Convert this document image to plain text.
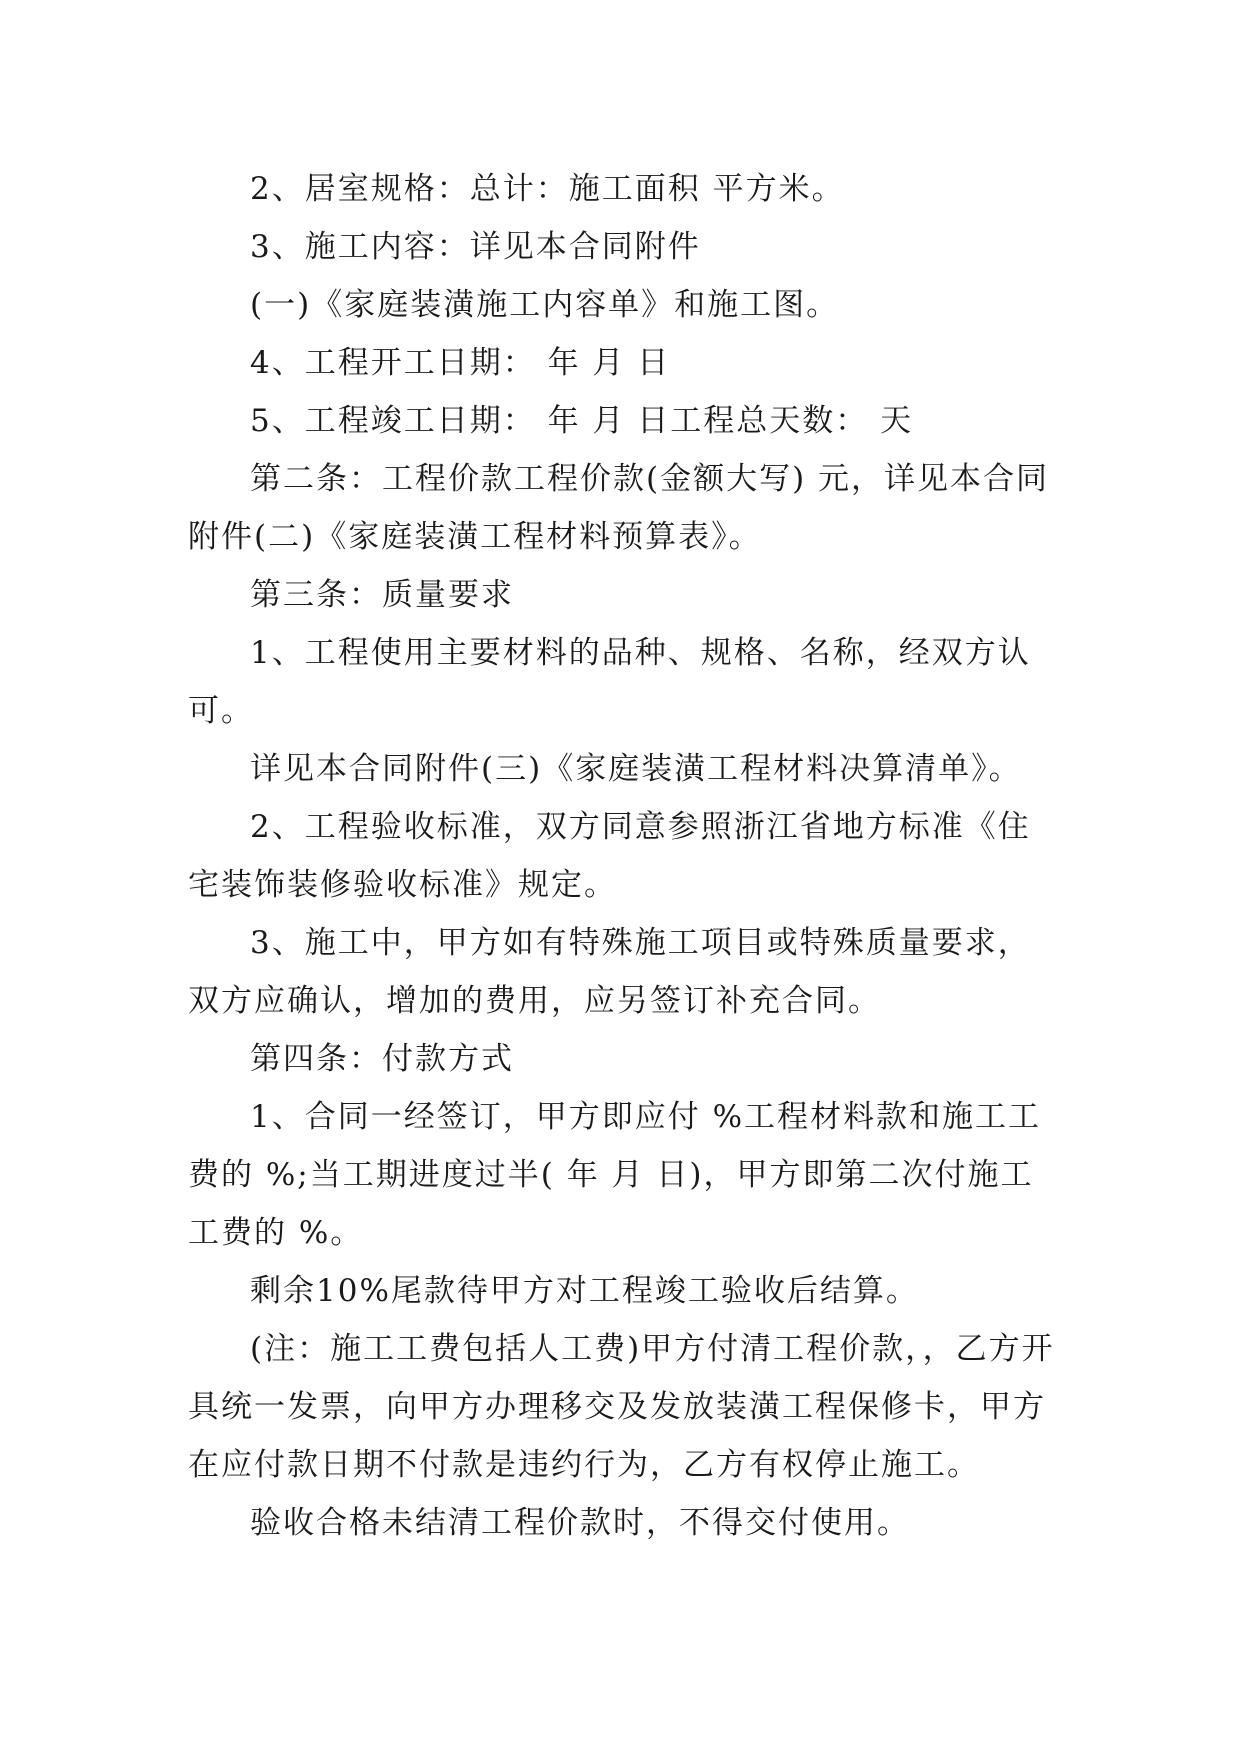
2、居室规格：总计：施工面积 平方米。

3、施工内容：详见本合同附件

(一)《家庭装潢施工内容单》和施工图。

4、工程开工日期： 年 月 日

5、工程竣工日期： 年 月 日工程总天数： 天

第二条：工程价款工程价款(金额大写) 元，详见本合同附件(二)《家庭装潢工程材料预算表》。

第三条：质量要求

1、工程使用主要材料的品种、规格、名称，经双方认可。

详见本合同附件(三)《家庭装潢工程材料决算清单》。

2、工程验收标准，双方同意参照浙江省地方标准《住宅装饰装修验收标准》规定。

3、施工中，甲方如有特殊施工项目或特殊质量要求，双方应确认，增加的费用，应另签订补充合同。

第四条：付款方式

1、合同一经签订，甲方即应付 %工程材料款和施工工费的 %;当工期进度过半( 年 月 日)，甲方即第二次付施工工费的 %。

剩余10%尾款待甲方对工程竣工验收后结算。

(注：施工工费包括人工费)甲方付清工程价款，，乙方开具统一发票，向甲方办理移交及发放装潢工程保修卡，甲方在应付款日期不付款是违约行为，乙方有权停止施工。

验收合格未结清工程价款时，不得交付使用。
